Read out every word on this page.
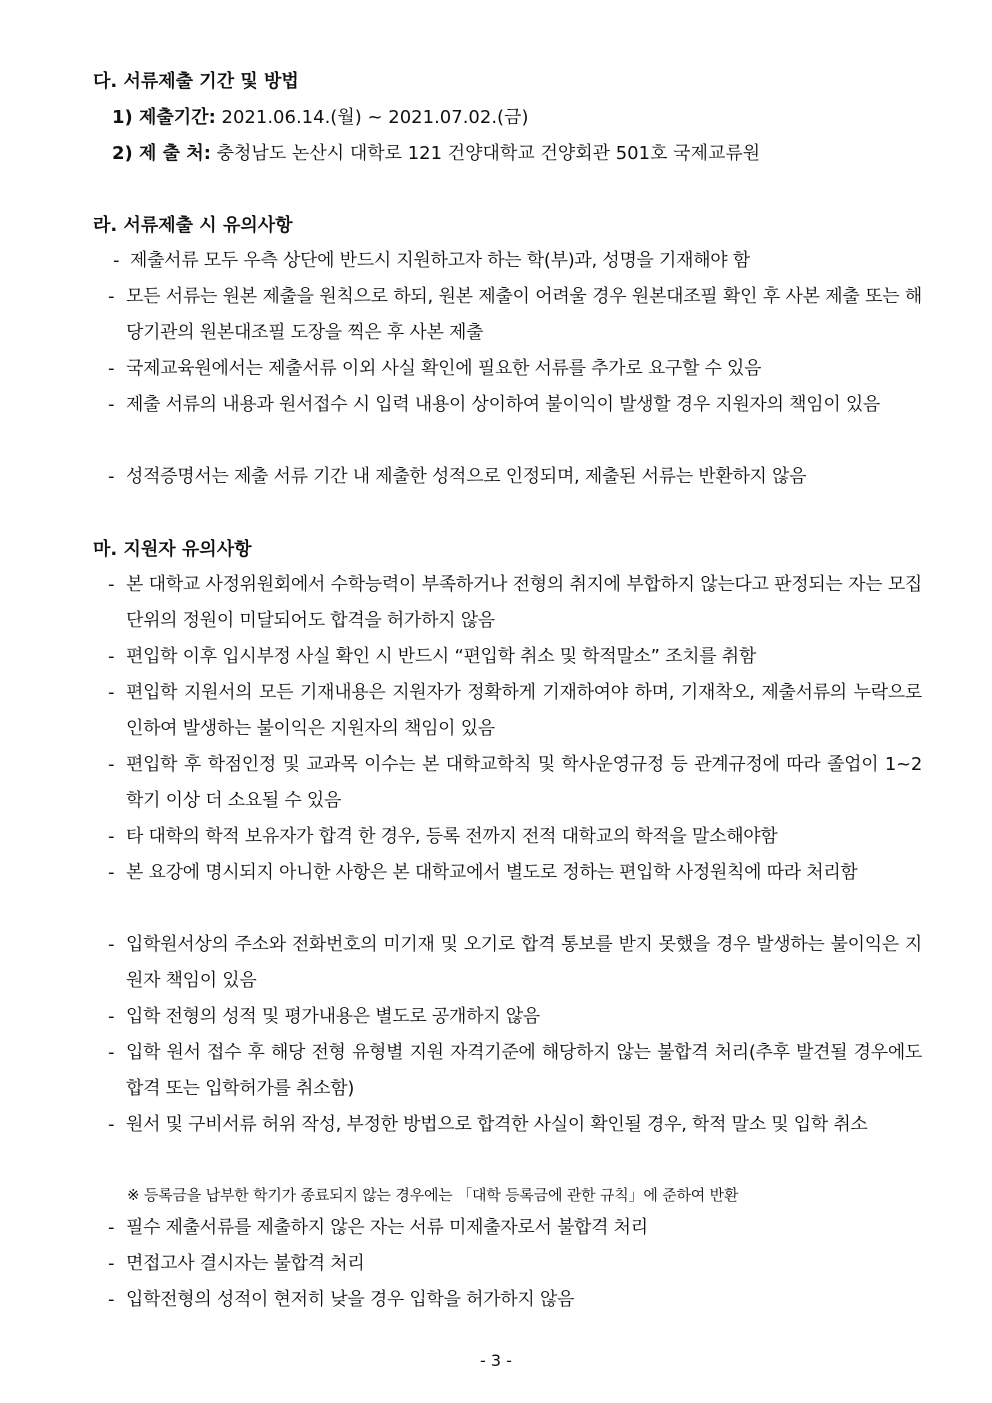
다. 서류제출 기간 및 방법
1) 제출기간: 2021.06.14.(월) ~ 2021.07.02.(금)
2) 제 출 처: 충청남도 논산시 대학로 121 건양대학교 건양회관 501호 국제교류원
라. 서류제출 시 유의사항
- 제출서류 모두 우측 상단에 반드시 지원하고자 하는 학(부)과, 성명을 기재해야 함
- 모든 서류는 원본 제출을 원칙으로 하되, 원본 제출이 어려울 경우 원본대조필 확인 후 사본 제출 또는 해당기관의 원본대조필 도장을 찍은 후 사본 제출
- 국제교육원에서는 제출서류 이외 사실 확인에 필요한 서류를 추가로 요구할 수 있음
- 제출 서류의 내용과 원서접수 시 입력 내용이 상이하여 불이익이 발생할 경우 지원자의 책임이 있음
- 성적증명서는 제출 서류 기간 내 제출한 성적으로 인정되며, 제출된 서류는 반환하지 않음
마. 지원자 유의사항
- 본 대학교 사정위원회에서 수학능력이 부족하거나 전형의 취지에 부합하지 않는다고 판정되는 자는 모집단위의 정원이 미달되어도 합격을 허가하지 않음
- 편입학 이후 입시부정 사실 확인 시 반드시 “편입학 취소 및 학적말소” 조치를 취함
- 편입학 지원서의 모든 기재내용은 지원자가 정확하게 기재하여야 하며, 기재착오, 제출서류의 누락으로 인하여 발생하는 불이익은 지원자의 책임이 있음
- 편입학 후 학점인정 및 교과목 이수는 본 대학교학칙 및 학사운영규정 등 관계규정에 따라 졸업이 1~2학기 이상 더 소요될 수 있음
- 타 대학의 학적 보유자가 합격 한 경우, 등록 전까지 전적 대학교의 학적을 말소해야함
- 본 요강에 명시되지 아니한 사항은 본 대학교에서 별도로 정하는 편입학 사정원칙에 따라 처리함
- 입학원서상의 주소와 전화번호의 미기재 및 오기로 합격 통보를 받지 못했을 경우 발생하는 불이익은 지원자 책임이 있음
- 입학 전형의 성적 및 평가내용은 별도로 공개하지 않음
- 입학 원서 접수 후 해당 전형 유형별 지원 자격기준에 해당하지 않는 불합격 처리(추후 발견될 경우에도 합격 또는 입학허가를 취소함)
- 원서 및 구비서류 허위 작성, 부정한 방법으로 합격한 사실이 확인될 경우, 학적 말소 및 입학 취소
※ 등록금을 납부한 학기가 종료되지 않는 경우에는 「대학 등록금에 관한 규칙」에 준하여 반환
- 필수 제출서류를 제출하지 않은 자는 서류 미제출자로서 불합격 처리
- 면접고사 결시자는 불합격 처리
- 입학전형의 성적이 현저히 낮을 경우 입학을 허가하지 않음
- 3 -
